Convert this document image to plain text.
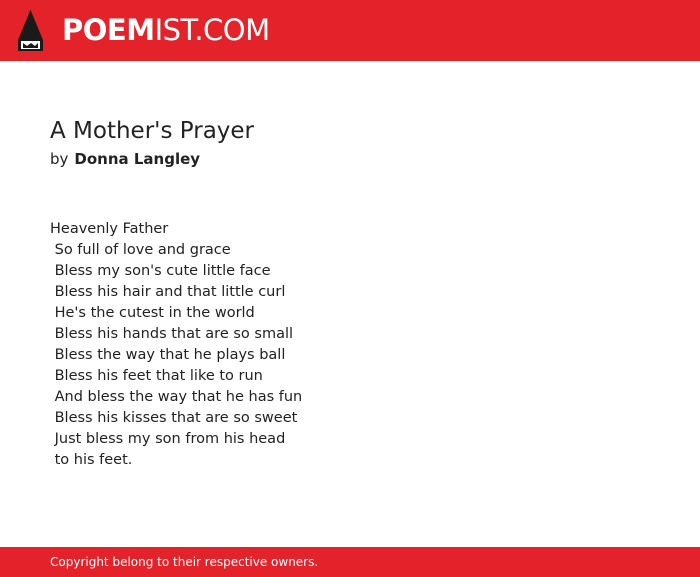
POEMIST.COM
A Mother's Prayer
by Donna Langley
Heavenly Father
So full of love and grace
Bless my son's cute little face
Bless his hair and that little curl
He's the cutest in the world
Bless his hands that are so small
Bless the way that he plays ball
Bless his feet that like to run
And bless the way that he has fun
Bless his kisses that are so sweet
Just bless my son from his head
to his feet.
Copyright belong to their respective owners.
